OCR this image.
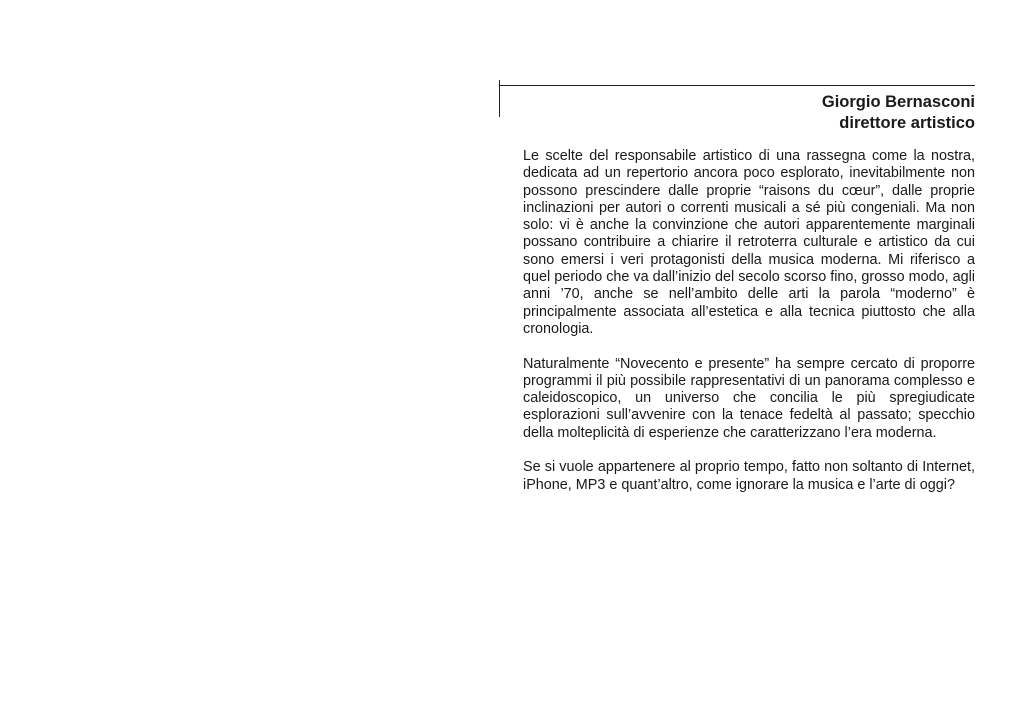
Giorgio Bernasconi
direttore artistico

Le scelte del responsabile artistico di una rassegna come la nostra, dedicata ad un repertorio ancora poco esplorato, inevitabilmente non possono prescindere dalle proprie “raisons du cœur”, dalle proprie inclinazioni per autori o correnti musicali a sé più congeniali. Ma non solo: vi è anche la convinzione che autori apparentemente marginali possano contribuire a chiarire il retroterra culturale e artistico da cui sono emersi i veri protagonisti della musica moderna. Mi riferisco a quel periodo che va dall’inizio del secolo scorso fino, grosso modo, agli anni ’70, anche se nell’ambito delle arti la parola “moderno” è principalmente associata all’estetica e alla tecnica piuttosto che alla cronologia.

Naturalmente “Novecento e presente” ha sempre cercato di proporre programmi il più possibile rappresentativi di un panorama complesso e caleidoscopico, un universo che concilia le più spregiudicate esplorazioni sull’avvenire con la tenace fedeltà al passato; specchio della molteplicità di esperienze che caratterizzano l’era moderna.

Se si vuole appartenere al proprio tempo, fatto non soltanto di Internet, iPhone, MP3 e quant’altro, come ignorare la musica e l’arte di oggi?
